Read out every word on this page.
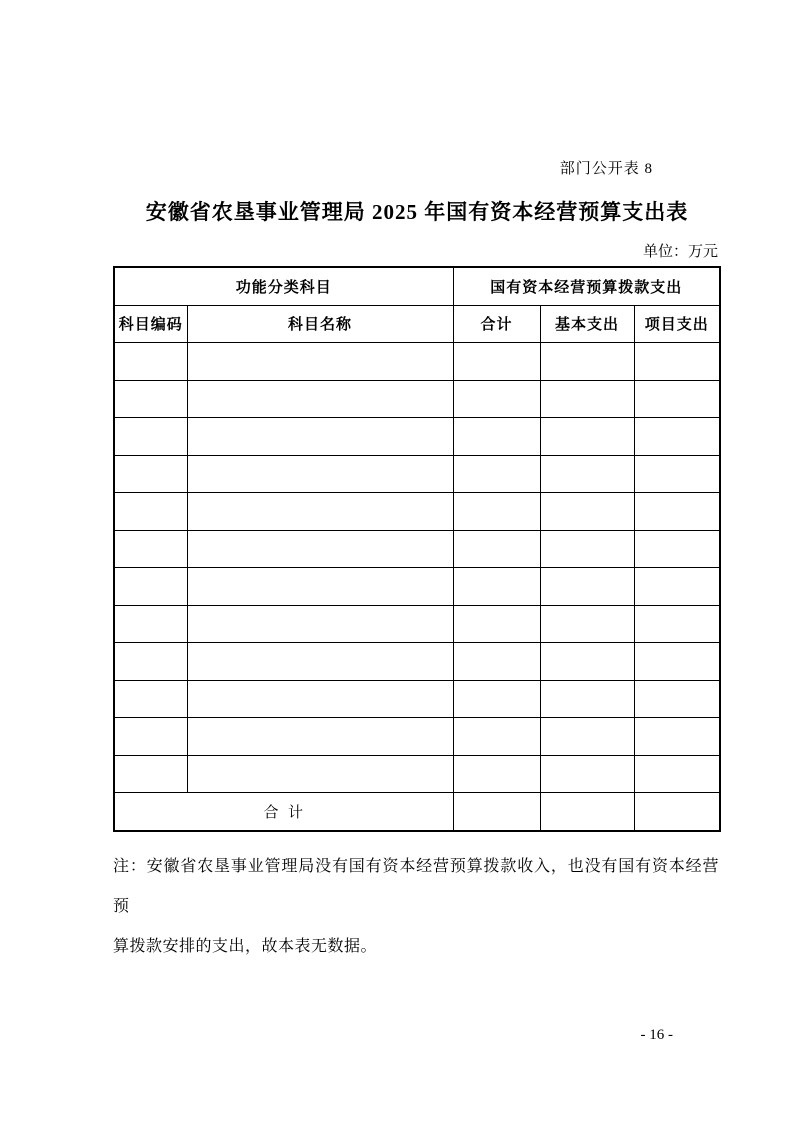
部门公开表 8
安徽省农垦事业管理局 2025 年国有资本经营预算支出表
单位：万元
功能分类科目		国有资本经营预算拨款支出		
科目编码	科目名称	合计	基本支出	项目支出

合 计				
注：安徽省农垦事业管理局没有国有资本经营预算拨款收入，也没有国有资本经营预
算拨款安排的支出，故本表无数据。
- 16 -
